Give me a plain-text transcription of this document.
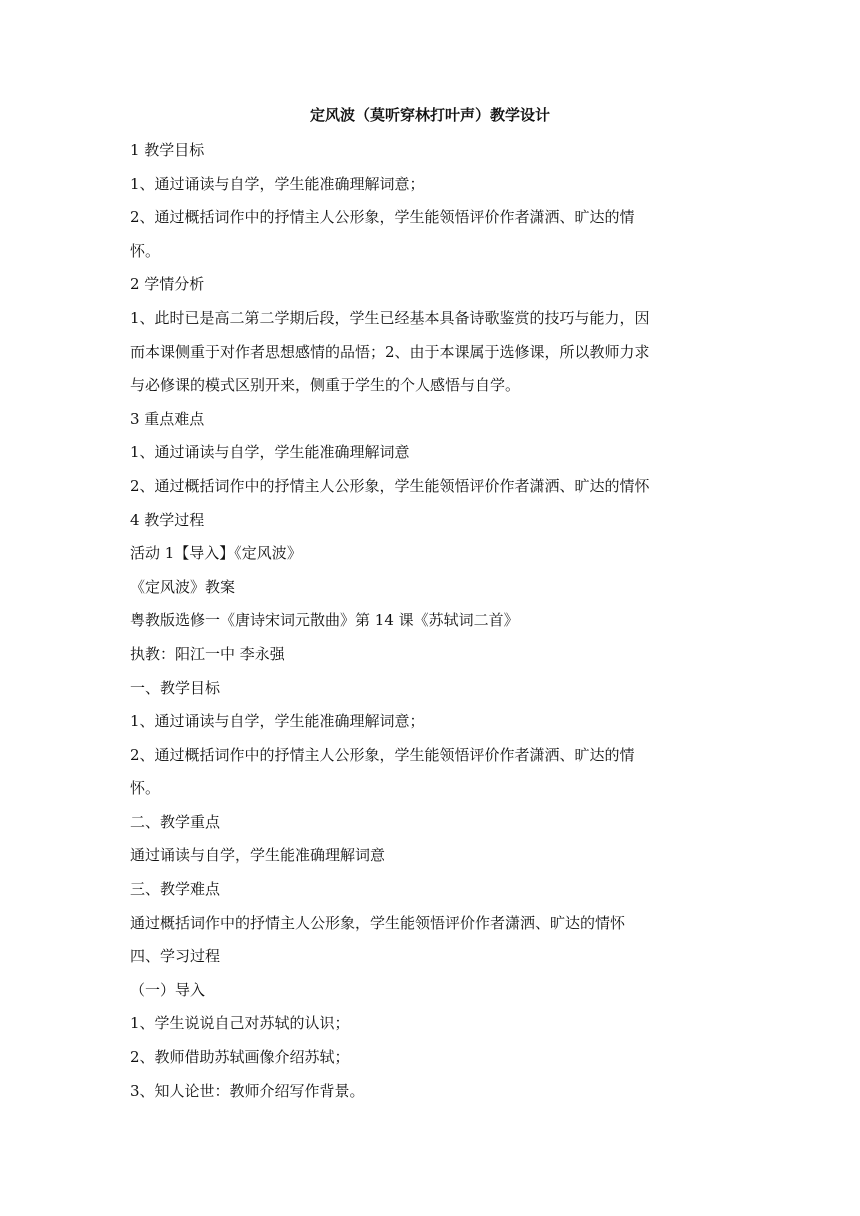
定风波（莫听穿林打叶声）教学设计
1 教学目标
1、通过诵读与自学，学生能准确理解词意；
2、通过概括词作中的抒情主人公形象，学生能领悟评价作者潇洒、旷达的情
怀。
2 学情分析
1、此时已是高二第二学期后段，学生已经基本具备诗歌鉴赏的技巧与能力，因
而本课侧重于对作者思想感情的品悟；2、由于本课属于选修课，所以教师力求
与必修课的模式区别开来，侧重于学生的个人感悟与自学。
3 重点难点
1、通过诵读与自学，学生能准确理解词意
2、通过概括词作中的抒情主人公形象，学生能领悟评价作者潇洒、旷达的情怀
4 教学过程
活动 1【导入】《定风波》
《定风波》教案
粤教版选修一《唐诗宋词元散曲》第 14 课《苏轼词二首》
执教：阳江一中 李永强
一、教学目标
1、通过诵读与自学，学生能准确理解词意；
2、通过概括词作中的抒情主人公形象，学生能领悟评价作者潇洒、旷达的情
怀。
二、教学重点
通过诵读与自学，学生能准确理解词意
三、教学难点
通过概括词作中的抒情主人公形象，学生能领悟评价作者潇洒、旷达的情怀
四、学习过程
（一）导入
1、学生说说自己对苏轼的认识；
2、教师借助苏轼画像介绍苏轼；
3、知人论世：教师介绍写作背景。
